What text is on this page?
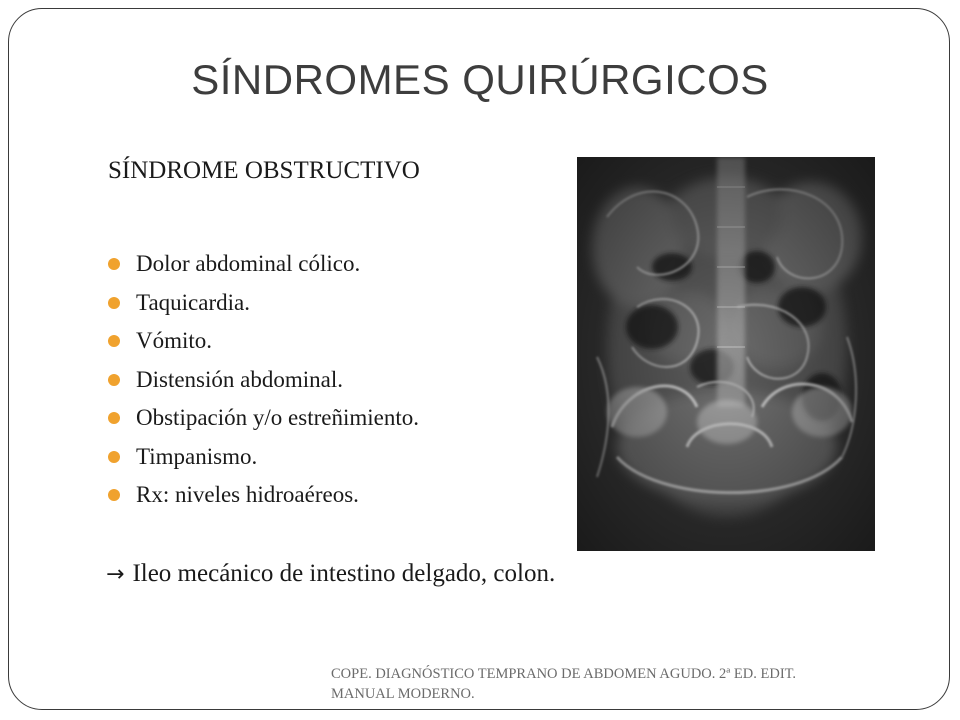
SÍNDROMES QUIRÚRGICOS
SÍNDROME OBSTRUCTIVO
Dolor abdominal cólico.
Taquicardia.
Vómito.
Distensión abdominal.
Obstipación y/o estreñimiento.
Timpanismo.
Rx: niveles hidroaéreos.
→ Ileo mecánico de intestino delgado, colon.
COPE. DIAGNÓSTICO TEMPRANO DE ABDOMEN AGUDO. 2ª ED. EDIT.
MANUAL MODERNO.
